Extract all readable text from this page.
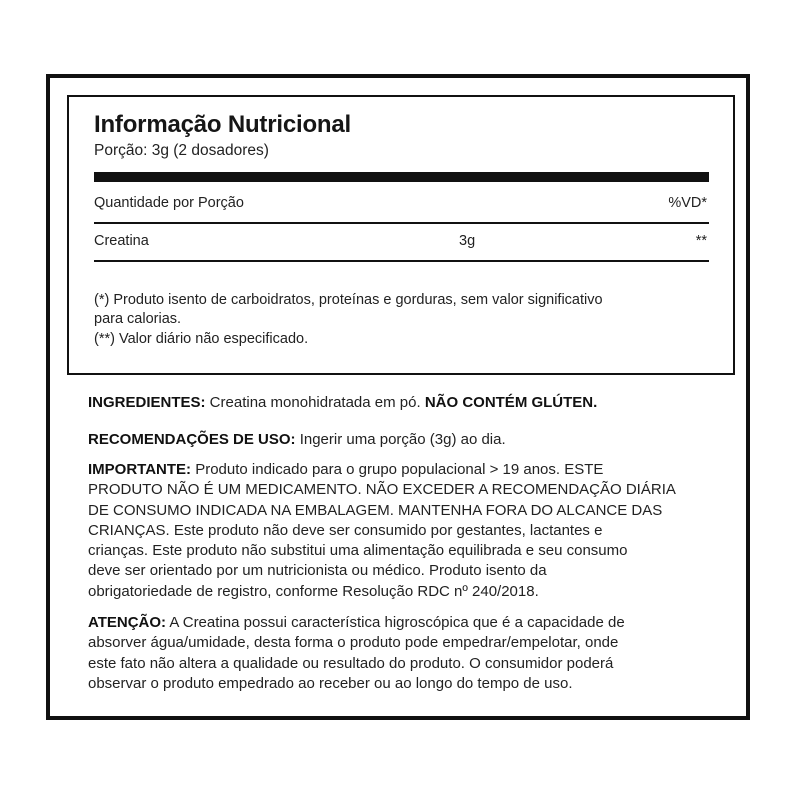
Informação Nutricional
Porção: 3g (2 dosadores)
Quantidade por Porção	%VD*
Creatina	3g	**
(*) Produto isento de carboidratos, proteínas e gorduras, sem valor significativo
para calorias.
(**) Valor diário não especificado.
INGREDIENTES: Creatina monohidratada em pó. NÃO CONTÉM GLÚTEN.
RECOMENDAÇÕES DE USO: Ingerir uma porção (3g) ao dia.
IMPORTANTE: Produto indicado para o grupo populacional > 19 anos. ESTE
PRODUTO NÃO É UM MEDICAMENTO. NÃO EXCEDER A RECOMENDAÇÃO DIÁRIA
DE CONSUMO INDICADA NA EMBALAGEM. MANTENHA FORA DO ALCANCE DAS
CRIANÇAS. Este produto não deve ser consumido por gestantes, lactantes e
crianças. Este produto não substitui uma alimentação equilibrada e seu consumo
deve ser orientado por um nutricionista ou médico. Produto isento da
obrigatoriedade de registro, conforme Resolução RDC nº 240/2018.
ATENÇÃO: A Creatina possui característica higroscópica que é a capacidade de
absorver água/umidade, desta forma o produto pode empedrar/empelotar, onde
este fato não altera a qualidade ou resultado do produto. O consumidor poderá
observar o produto empedrado ao receber ou ao longo do tempo de uso.
